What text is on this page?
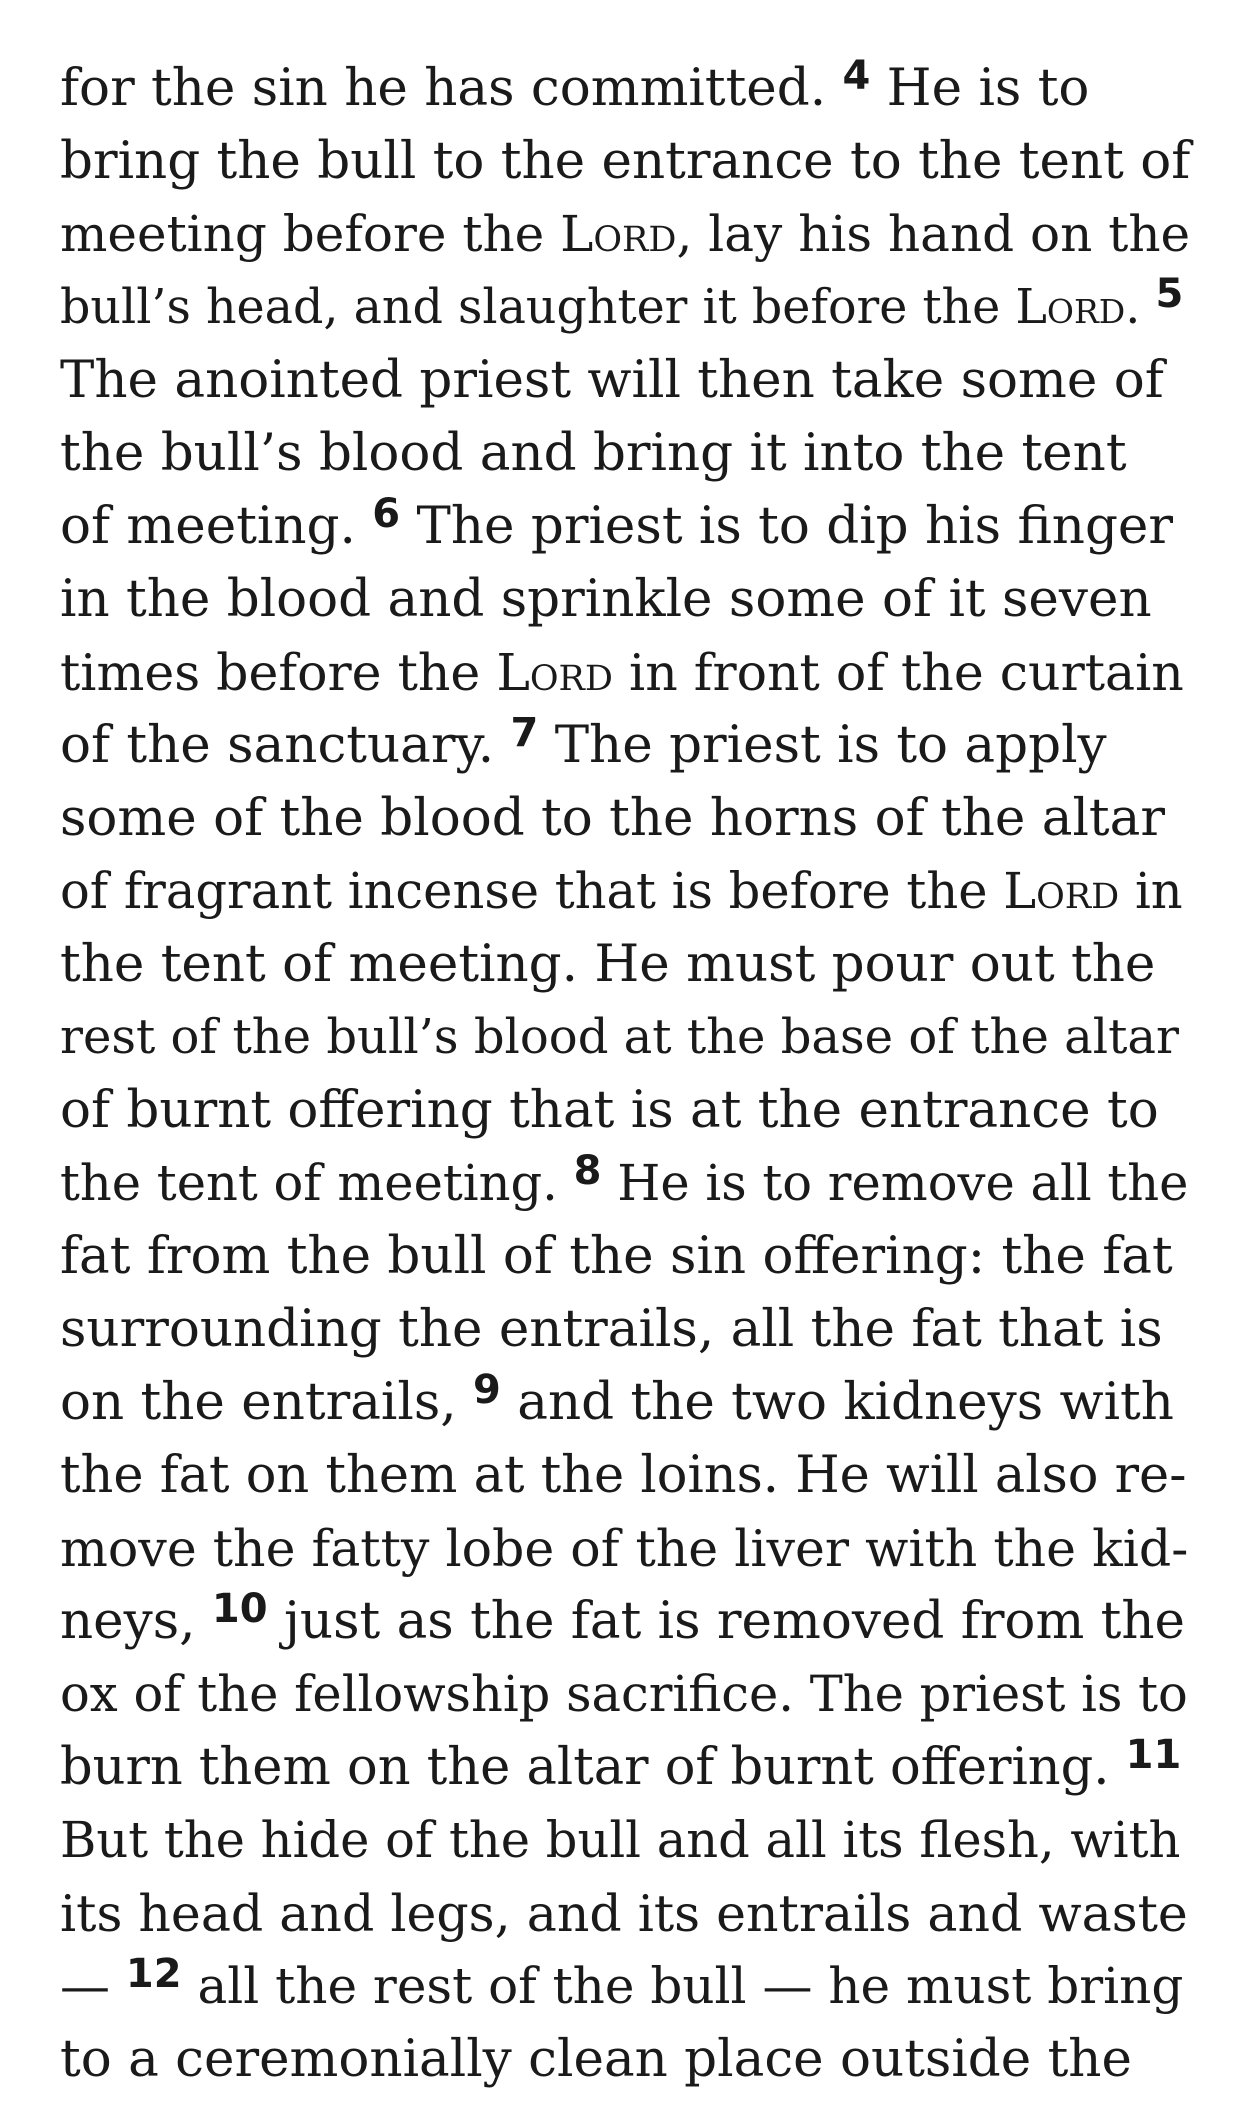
for the sin he has committed. $^4$ He is to
bring the bull to the entrance to the tent of
meeting before the Lord, lay his hand on the
bull’s head, and slaughter it before the Lord. $^5$
The anointed priest will then take some of
the bull’s blood and bring it into the tent
of meeting. $^6$ The priest is to dip his finger
in the blood and sprinkle some of it seven
times before the Lord in front of the curtain
of the sanctuary. $^7$ The priest is to apply
some of the blood to the horns of the altar
of fragrant incense that is before the Lord in
the tent of meeting. He must pour out the
rest of the bull’s blood at the base of the altar
of burnt offering that is at the entrance to
the tent of meeting. $^8$ He is to remove all the
fat from the bull of the sin offering: the fat
surrounding the entrails, all the fat that is
on the entrails, $^9$ and the two kidneys with
the fat on them at the loins. He will also re-
move the fatty lobe of the liver with the kid-
neys, $^{10}$ just as the fat is removed from the
ox of the fellowship sacrifice. The priest is to
burn them on the altar of burnt offering. $^{11}$
But the hide of the bull and all its flesh, with
its head and legs, and its entrails and waste
— $^{12}$ all the rest of the bull — he must bring
to a ceremonially clean place outside the
